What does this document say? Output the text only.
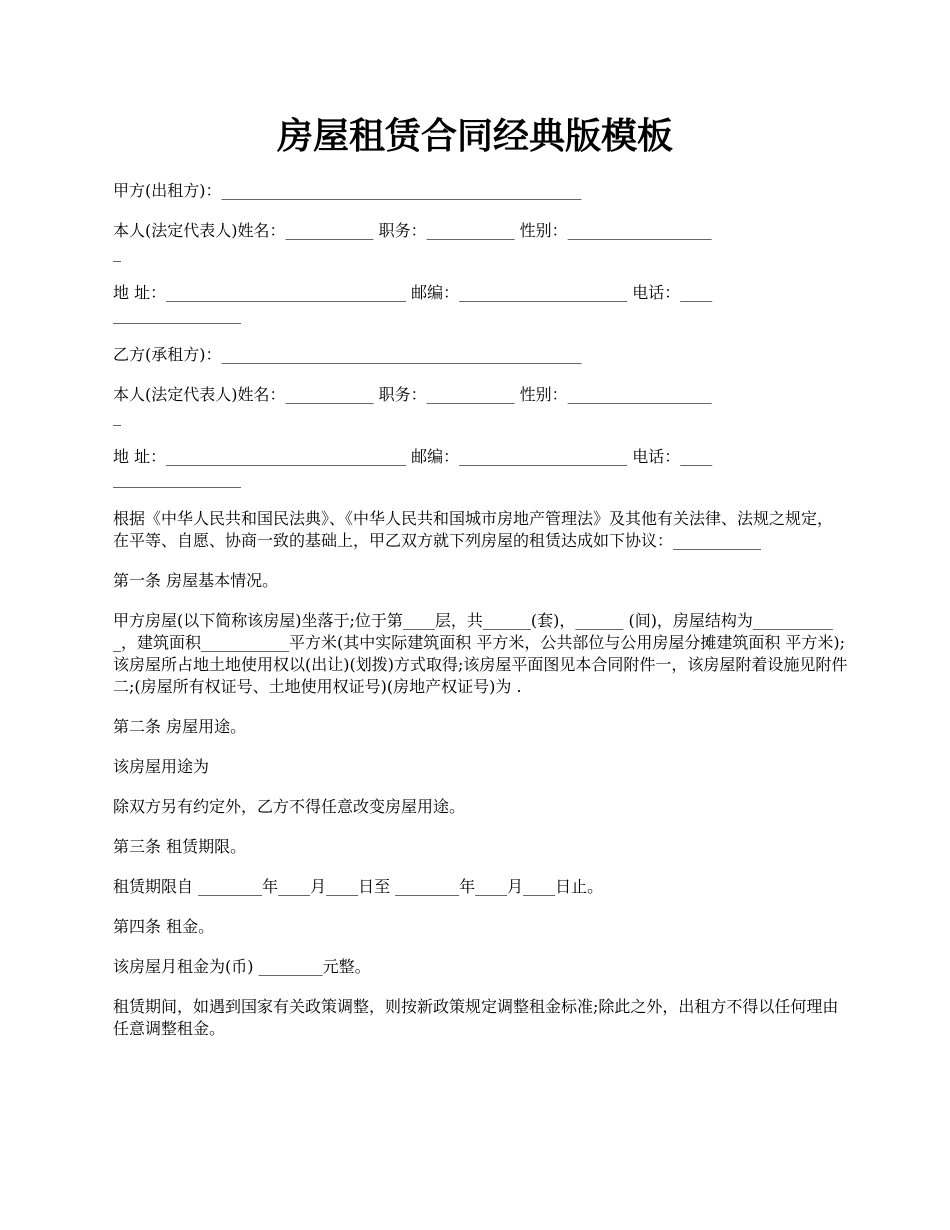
房屋租赁合同经典版模板

甲方(出租方)：_____________________________________________

本人(法定代表人)姓名：___________ 职务：___________ 性别：__________________
_

地 址：______________________________ 邮编：_____________________ 电话：____
________________

乙方(承租方)：_____________________________________________

本人(法定代表人)姓名：___________ 职务：___________ 性别：__________________
_

地 址：______________________________ 邮编：_____________________ 电话：____
________________

根据《中华人民共和国民法典》、《中华人民共和国城市房地产管理法》及其他有关法律、法规之规定，在平等、自愿、协商一致的基础上，甲乙双方就下列房屋的租赁达成如下协议：___________

第一条 房屋基本情况。

甲方房屋(以下简称该房屋)坐落于;位于第____层，共______(套)，______ (间)，房屋结构为___________，建筑面积___________平方米(其中实际建筑面积 平方米，公共部位与公用房屋分摊建筑面积 平方米);该房屋所占地土地使用权以(出让)(划拨)方式取得;该房屋平面图见本合同附件一，该房屋附着设施见附件二;(房屋所有权证号、土地使用权证号)(房地产权证号)为 .

第二条 房屋用途。

该房屋用途为

除双方另有约定外，乙方不得任意改变房屋用途。

第三条 租赁期限。

租赁期限自 ________年____月____日至 ________年____月____日止。

第四条 租金。

该房屋月租金为(币) ________元整。

租赁期间，如遇到国家有关政策调整，则按新政策规定调整租金标准;除此之外，出租方不得以任何理由任意调整租金。
